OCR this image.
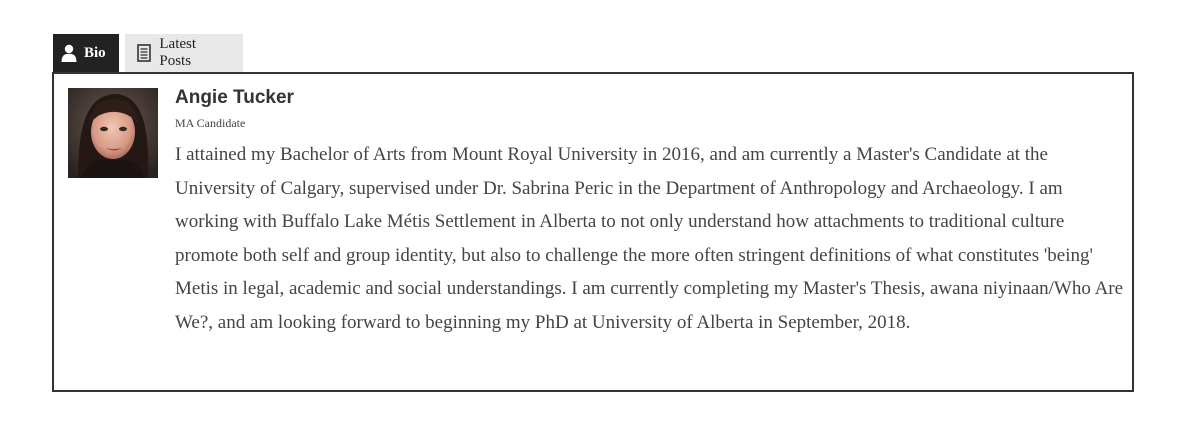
Bio
Latest Posts
Angie Tucker
MA Candidate
I attained my Bachelor of Arts from Mount Royal University in 2016, and am currently a Master's Candidate at the University of Calgary, supervised under Dr. Sabrina Peric in the Department of Anthropology and Archaeology. I am working with Buffalo Lake Métis Settlement in Alberta to not only understand how attachments to traditional culture promote both self and group identity, but also to challenge the more often stringent definitions of what constitutes 'being' Metis in legal, academic and social understandings. I am currently completing my Master's Thesis, awana niyinaan/Who Are We?, and am looking forward to beginning my PhD at University of Alberta in September, 2018.
